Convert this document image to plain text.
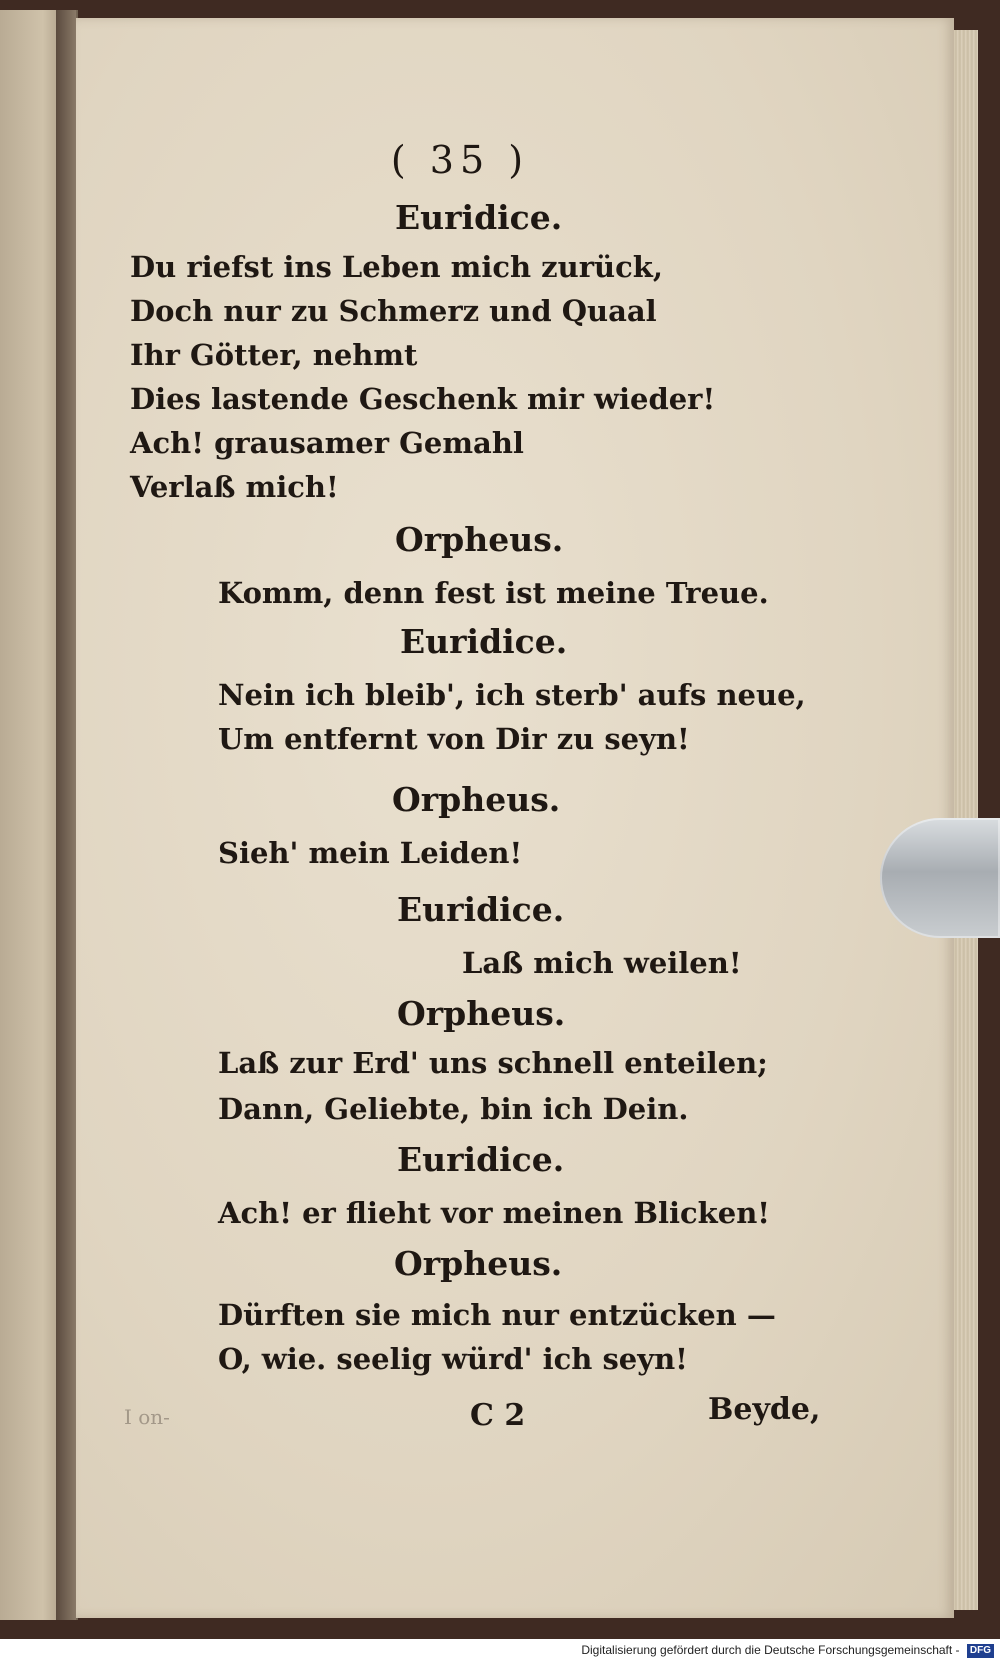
( 35 )
Euridice.
Du riefst ins Leben mich zurück,
Doch nur zu Schmerz und Quaal
Ihr Götter, nehmt
Dies lastende Geschenk mir wieder!
Ach! grausamer Gemahl
Verlaß mich!
Orpheus.
Komm, denn fest ist meine Treue.
Euridice.
Nein ich bleib', ich sterb' aufs neue,
Um entfernt von Dir zu seyn!
Orpheus.
Sieh' mein Leiden!
Euridice.
Laß mich weilen!
Orpheus.
Laß zur Erd' uns schnell enteilen;
Dann, Geliebte, bin ich Dein.
Euridice.
Ach! er flieht vor meinen Blicken!
Orpheus.
Dürften sie mich nur entzücken —
O, wie. seelig würd' ich seyn!
C 2	Beyde,
I on-
Digitalisierung gefördert durch die Deutsche Forschungsgemeinschaft - DFG
